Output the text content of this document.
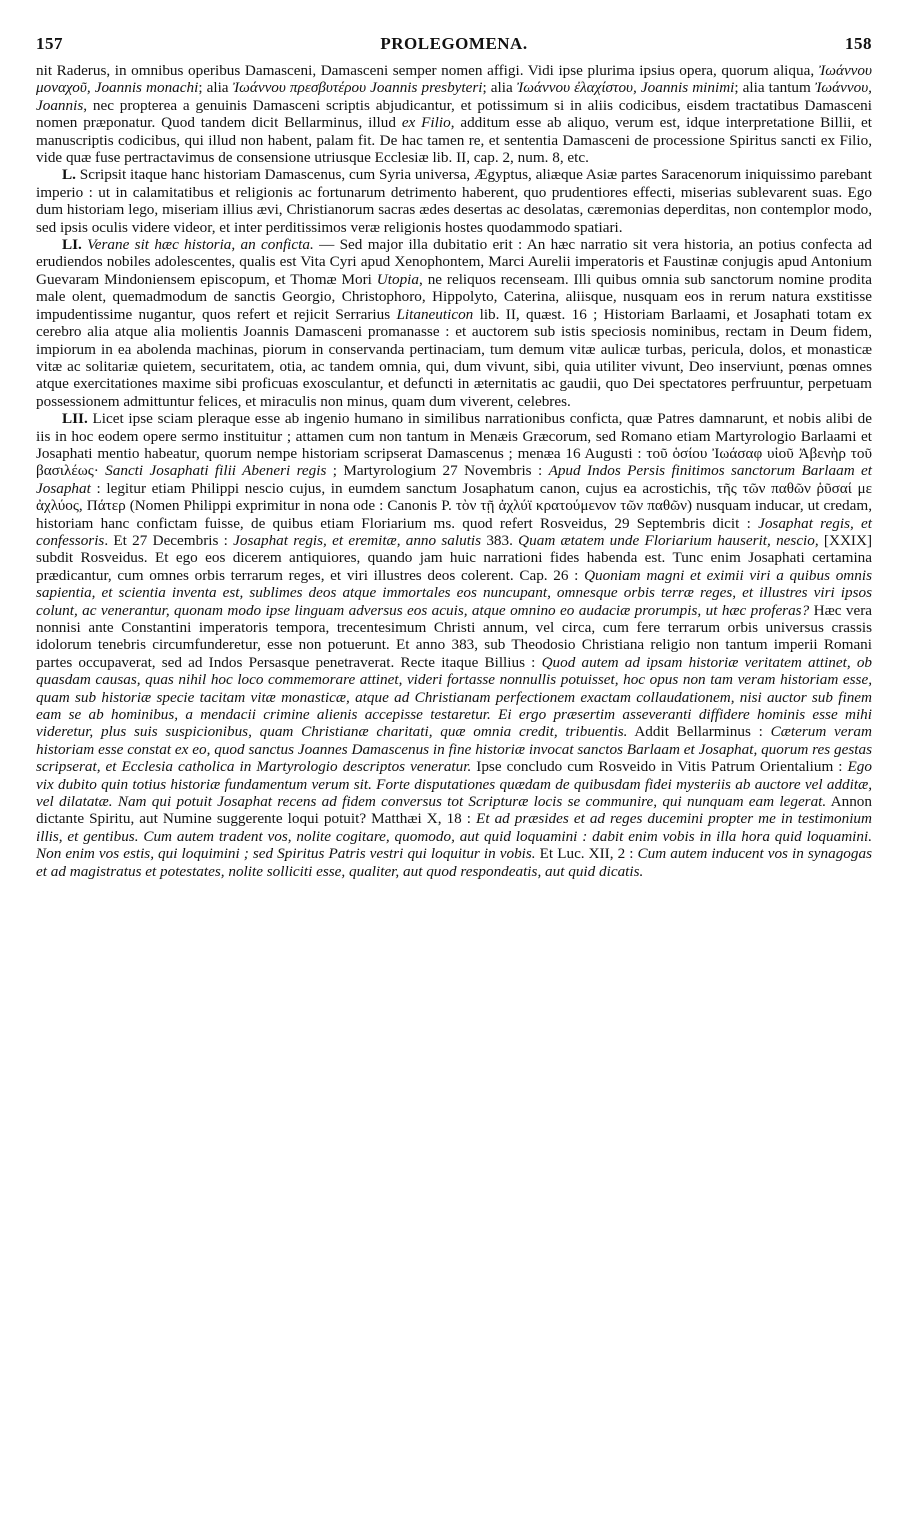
157	PROLEGOMENA.	158

nit Raderus, in omnibus operibus Damasceni, Damasceni semper nomen affigi. Vidi ipse plurima ipsius opera, quorum aliqua, Ἰωάννου μοναχοῦ, Joannis monachi; alia Ἰωάννου πρεσβυτέρου Joannis presbyteri; alia Ἰωάννου ἐλαχίστου, Joannis minimi; alia tantum Ἰωάννου, Joannis, nec propterea a genuinis Damasceni scriptis abjudicantur, et potissimum si in aliis codicibus, eisdem tractatibus Damasceni nomen præponatur. Quod tandem dicit Bellarminus, illud ex Filio, additum esse ab aliquo, verum est, idque interpretatione Billii, et manuscriptis codicibus, qui illud non habent, palam fit. De hac tamen re, et sententia Damasceni de processione Spiritus sancti ex Filio, vide quæ fuse pertractavimus de consensione utriusque Ecclesiæ lib. II, cap. 2, num. 8, etc.

L. Scripsit itaque hanc historiam Damascenus, cum Syria universa, Ægyptus, aliæque Asiæ partes Saracenorum iniquissimo parebant imperio : ut in calamitatibus et religionis ac fortunarum detrimento haberent, quo prudentiores effecti, miserias sublevarent suas. Ego dum historiam lego, miseriam illius ævi, Christianorum sacras ædes desertas ac desolatas, cæremonias deperditas, non contemplor modo, sed ipsis oculis videre videor, et inter perditissimos veræ religionis hostes quodammodo spatiari.

LI. Verane sit hæc historia, an conficta. — Sed major illa dubitatio erit : An hæc narratio sit vera historia, an potius confecta ad erudiendos nobiles adolescentes, qualis est Vita Cyri apud Xenophontem, Marci Aurelii imperatoris et Faustinæ conjugis apud Antonium Guevaram Mindoniensem episcopum, et Thomæ Mori Utopia, ne reliquos recenseam. Illi quibus omnia sub sanctorum nomine prodita male olent, quemadmodum de sanctis Georgio, Christophoro, Hippolyto, Caterina, aliisque, nusquam eos in rerum natura exstitisse impudentissime nugantur, quos refert et rejicit Serrarius Litaneuticon lib. II, quæst. 16 ; Historiam Barlaami, et Josaphati totam ex cerebro alia atque alia molientis Joannis Damasceni promanasse : et auctorem sub istis speciosis nominibus, rectam in Deum fidem, impiorum in ea abolenda machinas, piorum in conservanda pertinaciam, tum demum vitæ aulicæ turbas, pericula, dolos, et monasticæ vitæ ac solitariæ quietem, securitatem, otia, ac tandem omnia, qui, dum vivunt, sibi, quia utiliter vivunt, Deo inserviunt, pœnas omnes atque exercitationes maxime sibi proficuas exosculantur, et defuncti in æternitatis ac gaudii, quo Dei spectatores perfruuntur, perpetuam possessionem admittuntur felices, et miraculis non minus, quam dum viverent, celebres.

LII. Licet ipse sciam pleraque esse ab ingenio humano in similibus narrationibus conficta, quæ Patres damnarunt, et nobis alibi de iis in hoc eodem opere sermo instituitur ; attamen cum non tantum in Menæis Græcorum, sed Romano etiam Martyrologio Barlaami et Josaphati mentio habeatur, quorum nempe historiam scripserat Damascenus ; menæa 16 Augusti : τοῦ ὁσίου Ἰωάσαφ υἱοῦ Ἀβενὴρ τοῦ βασιλέως· Sancti Josaphati filii Abeneri regis ; Martyrologium 27 Novembris : Apud Indos Persis finitimos sanctorum Barlaam et Josaphat : legitur etiam Philippi nescio cujus, in eumdem sanctum Josaphatum canon, cujus ea acrostichis, τῆς τῶν παθῶν ῥῦσαί με ἀχλύος, Πάτερ (Nomen Philippi exprimitur in nona ode : Canonis P. τὸν τῇ ἀχλύϊ κρατούμενον τῶν παθῶν) nusquam inducar, ut credam, historiam hanc confictam fuisse, de quibus etiam Floriarium ms. quod refert Rosveidus, 29 Septembris dicit : Josaphat regis, et confessoris. Et 27 Decembris : Josaphat regis, et eremitæ, anno salutis 383. Quam ætatem unde Floriarium hauserit, nescio, [XXIX] subdit Rosveidus. Et ego eos dicerem antiquiores, quando jam huic narrationi fides habenda est. Tunc enim Josaphati certamina prædicantur, cum omnes orbis terrarum reges, et viri illustres deos colerent. Cap. 26 : Quoniam magni et eximii viri a quibus omnis sapientia, et scientia inventa est, sublimes deos atque immortales eos nuncupant, omnesque orbis terræ reges, et illustres viri ipsos colunt, ac venerantur, quonam modo ipse linguam adversus eos acuis, atque omnino eo audaciæ prorumpis, ut hæc proferas? Hæc vera nonnisi ante Constantini imperatoris tempora, trecentesimum Christi annum, vel circa, cum fere terrarum orbis universus crassis idolorum tenebris circumfunderetur, esse non potuerunt. Et anno 383, sub Theodosio Christiana religio non tantum imperii Romani partes occupaverat, sed ad Indos Persasque penetraverat. Recte itaque Billius : Quod autem ad ipsam historiæ veritatem attinet, ob quasdam causas, quas nihil hoc loco commemorare attinet, videri fortasse nonnullis potuisset, hoc opus non tam veram historiam esse, quam sub historiæ specie tacitam vitæ monasticæ, atque ad Christianam perfectionem exactam collaudationem, nisi auctor sub finem eam se ab hominibus, a mendacii crimine alienis accepisse testaretur. Ei ergo præsertim asseveranti diffidere hominis esse mihi videretur, plus suis suspicionibus, quam Christianæ charitati, quæ omnia credit, tribuentis. Addit Bellarminus : Cæterum veram historiam esse constat ex eo, quod sanctus Joannes Damascenus in fine historiæ invocat sanctos Barlaam et Josaphat, quorum res gestas scripserat, et Ecclesia catholica in Martyrologio descriptos veneratur. Ipse concludo cum Rosveido in Vitis Patrum Orientalium : Ego vix dubito quin totius historiæ fundamentum verum sit. Forte disputationes quædam de quibusdam fidei mysteriis ab auctore vel additæ, vel dilatatæ. Nam qui potuit Josaphat recens ad fidem conversus tot Scripturæ locis se communire, qui nunquam eam legerat. Annon dictante Spiritu, aut Numine suggerente loqui potuit? Matthæi X, 18 : Et ad præsides et ad reges ducemini propter me in testimonium illis, et gentibus. Cum autem tradent vos, nolite cogitare, quomodo, aut quid loquamini : dabit enim vobis in illa hora quid loquamini. Non enim vos estis, qui loquimini ; sed Spiritus Patris vestri qui loquitur in vobis. Et Luc. XII, 2 : Cum autem inducent vos in synagogas et ad magistratus et potestates, nolite solliciti esse, qualiter, aut quod respondeatis, aut quid dicatis.
